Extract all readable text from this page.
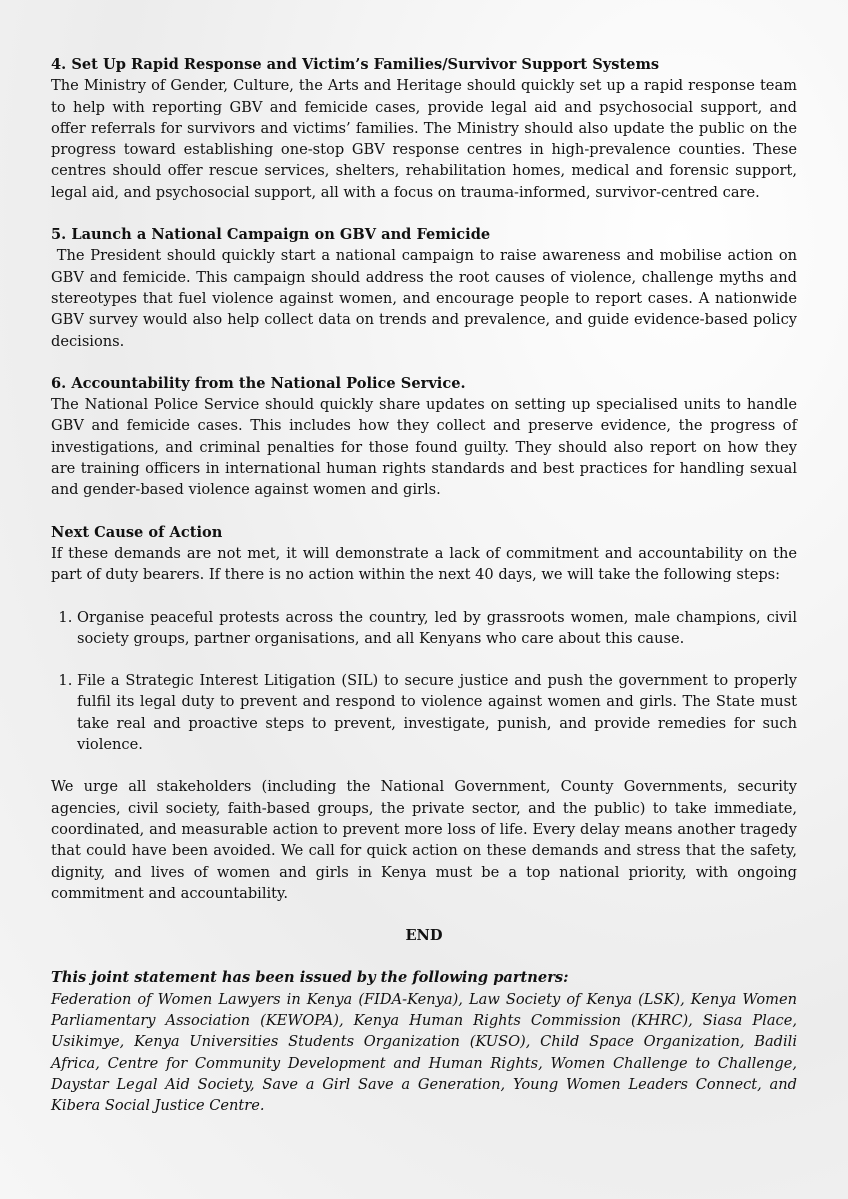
4. Set Up Rapid Response and Victim’s Families/Survivor Support Systems

The Ministry of Gender, Culture, the Arts and Heritage should quickly set up a rapid response team to help with reporting GBV and femicide cases, provide legal aid and psychosocial support, and offer referrals for survivors and victims’ families. The Ministry should also update the public on the progress toward establishing one-stop GBV response centres in high-prevalence counties. These centres should offer rescue services, shelters, rehabilitation homes, medical and forensic support, legal aid, and psychosocial support, all with a focus on trauma-informed, survivor-centred care.

5. Launch a National Campaign on GBV and Femicide

The President should quickly start a national campaign to raise awareness and mobilise action on GBV and femicide. This campaign should address the root causes of violence, challenge myths and stereotypes that fuel violence against women, and encourage people to report cases. A nationwide GBV survey would also help collect data on trends and prevalence, and guide evidence-based policy decisions.

6. Accountability from the National Police Service.

The National Police Service should quickly share updates on setting up specialised units to handle GBV and femicide cases. This includes how they collect and preserve evidence, the progress of investigations, and criminal penalties for those found guilty. They should also report on how they are training officers in international human rights standards and best practices for handling sexual and gender-based violence against women and girls.

Next Cause of Action

If these demands are not met, it will demonstrate a lack of commitment and accountability on the part of duty bearers. If there is no action within the next 40 days, we will take the following steps:

1. Organise peaceful protests across the country, led by grassroots women, male champions, civil society groups, partner organisations, and all Kenyans who care about this cause.
1. File a Strategic Interest Litigation (SIL) to secure justice and push the government to properly fulfil its legal duty to prevent and respond to violence against women and girls. The State must take real and proactive steps to prevent, investigate, punish, and provide remedies for such violence.

We urge all stakeholders (including the National Government, County Governments, security agencies, civil society, faith-based groups, the private sector, and the public) to take immediate, coordinated, and measurable action to prevent more loss of life. Every delay means another tragedy that could have been avoided. We call for quick action on these demands and stress that the safety, dignity, and lives of women and girls in Kenya must be a top national priority, with ongoing commitment and accountability.

END

This joint statement has been issued by the following partners:

Federation of Women Lawyers in Kenya (FIDA-Kenya), Law Society of Kenya (LSK), Kenya Women Parliamentary Association (KEWOPA), Kenya Human Rights Commission (KHRC), Siasa Place, Usikimye, Kenya Universities Students Organization (KUSO), Child Space Organization, Badili Africa, Centre for Community Development and Human Rights, Women Challenge to Challenge, Daystar Legal Aid Society, Save a Girl Save a Generation, Young Women Leaders Connect, and Kibera Social Justice Centre.
